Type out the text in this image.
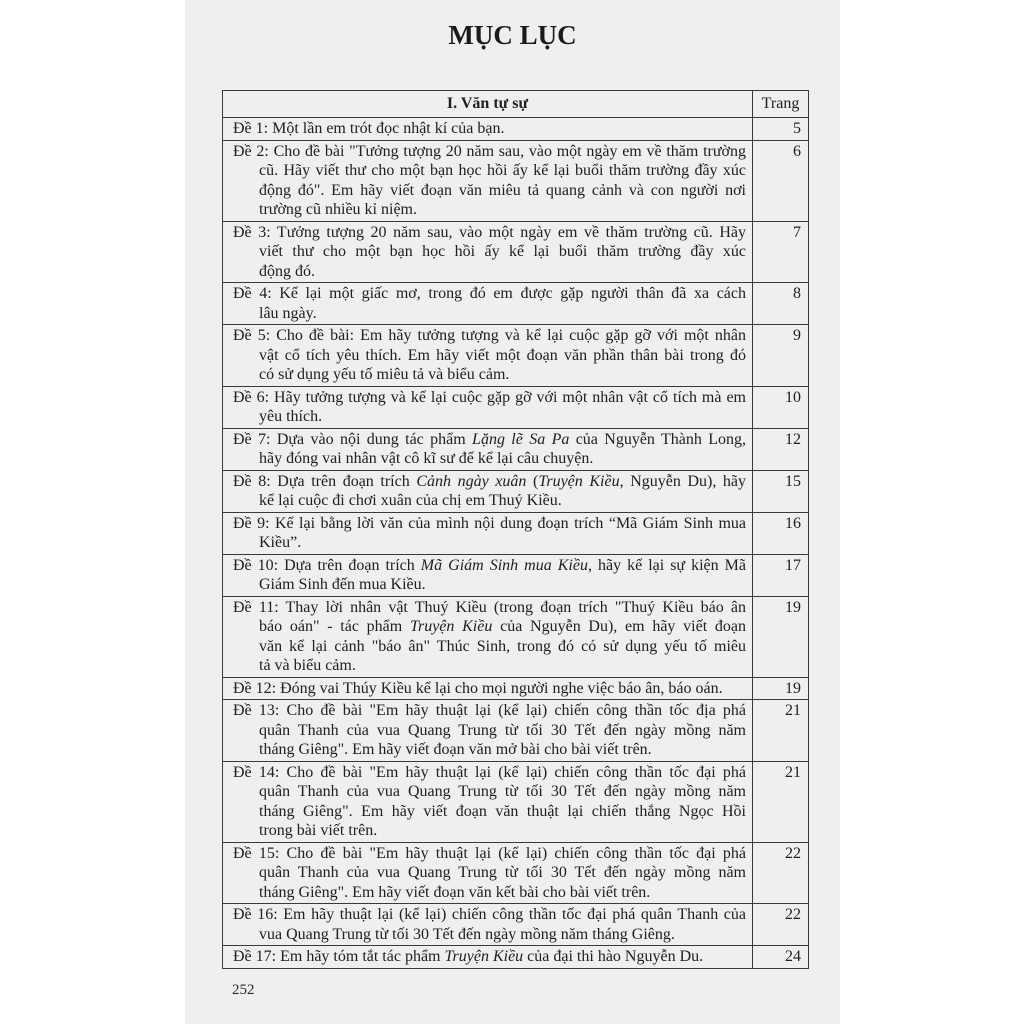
MỤC LỤC
I. Văn tự sự	Trang

Đề 1: Một lần em trót đọc nhật kí của bạn.	5

Đề 2: Cho đề bài "Tưởng tượng 20 năm sau, vào một ngày em về thăm trường
cũ. Hãy viết thư cho một bạn học hồi ấy kể lại buổi thăm trường đầy xúc
động đó". Em hãy viết đoạn văn miêu tả quang cảnh và con người nơi
trường cũ nhiều kỉ niệm.	6

Đề 3: Tưởng tượng 20 năm sau, vào một ngày em về thăm trường cũ. Hãy
viết thư cho một bạn học hồi ấy kể lại buổi thăm trường đầy xúc
động đó.	7

Đề 4: Kể lại một giấc mơ, trong đó em được gặp người thân đã xa cách
lâu ngày.	8

Đề 5: Cho đề bài: Em hãy tưởng tượng và kể lại cuộc gặp gỡ với một nhân
vật cổ tích yêu thích. Em hãy viết một đoạn văn phần thân bài trong đó
có sử dụng yếu tố miêu tả và biểu cảm.	9

Đề 6: Hãy tưởng tượng và kể lại cuộc gặp gỡ với một nhân vật cổ tích mà em
yêu thích.	10

Đề 7: Dựa vào nội dung tác phẩm Lặng lẽ Sa Pa của Nguyễn Thành Long,
hãy đóng vai nhân vật cô kĩ sư để kể lại câu chuyện.	12

Đề 8: Dựa trên đoạn trích Cảnh ngày xuân (Truyện Kiều, Nguyễn Du), hãy
kể lại cuộc đi chơi xuân của chị em Thuý Kiều.	15

Đề 9: Kể lại bằng lời văn của mình nội dung đoạn trích “Mã Giám Sinh mua
Kiều”.	16

Đề 10: Dựa trên đoạn trích Mã Giám Sinh mua Kiều, hãy kể lại sự kiện Mã
Giám Sinh đến mua Kiều.	17

Đề 11: Thay lời nhân vật Thuý Kiều (trong đoạn trích "Thuý Kiều báo ân
báo oán" - tác phẩm Truyện Kiều của Nguyễn Du), em hãy viết đoạn
văn kể lại cảnh "báo ân" Thúc Sinh, trong đó có sử dụng yếu tố miêu
tả và biểu cảm.	19

Đề 12: Đóng vai Thúy Kiều kể lại cho mọi người nghe việc báo ân, báo oán.	19

Đề 13: Cho đề bài "Em hãy thuật lại (kể lại) chiến công thần tốc địa phá
quân Thanh của vua Quang Trung từ tối 30 Tết đến ngày mồng năm
tháng Giêng". Em hãy viết đoạn văn mở bài cho bài viết trên.	21

Đề 14: Cho đề bài "Em hãy thuật lại (kể lại) chiến công thần tốc đại phá
quân Thanh của vua Quang Trung từ tối 30 Tết đến ngày mồng năm
tháng Giêng". Em hãy viết đoạn văn thuật lại chiến thắng Ngọc Hồi
trong bài viết trên.	21

Đề 15: Cho đề bài "Em hãy thuật lại (kể lại) chiến công thần tốc đại phá
quân Thanh của vua Quang Trung từ tối 30 Tết đến ngày mồng năm
tháng Giêng". Em hãy viết đoạn văn kết bài cho bài viết trên.	22

Đề 16: Em hãy thuật lại (kể lại) chiến công thần tốc đại phá quân Thanh của
vua Quang Trung từ tối 30 Tết đến ngày mồng năm tháng Giêng.	22

Đề 17: Em hãy tóm tắt tác phẩm Truyện Kiều của đại thi hào Nguyễn Du.	24
252
